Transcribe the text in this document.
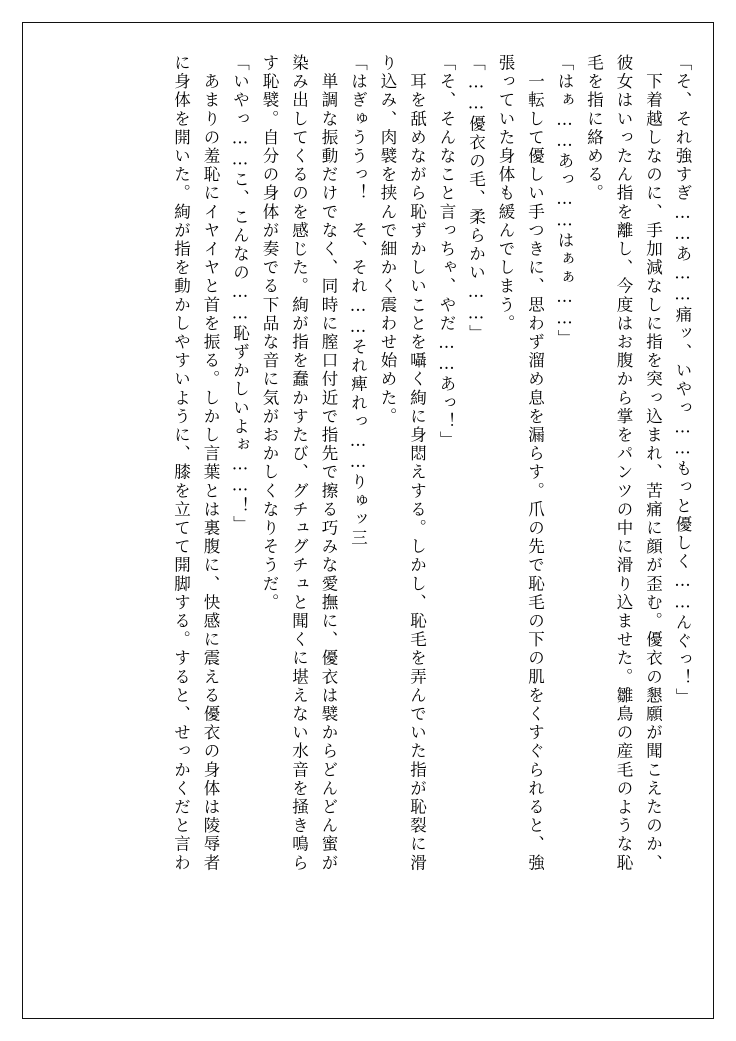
「そ、それ強すぎ……あ……痛ッ、いやっ……もっと優しく……んぐっ！」
　下着越しなのに、手加減なしに指を突っ込まれ、苦痛に顔が歪む。優衣の懇願が聞こえたのか、
彼女はいったん指を離し、今度はお腹から掌をパンツの中に滑り込ませた。雛鳥の産毛のような恥
毛を指に絡める。
「はぁ……あっ……はぁぁ……」
　一転して優しい手つきに、思わず溜め息を漏らす。爪の先で恥毛の下の肌をくすぐられると、強
張っていた身体も緩んでしまう。
「……優衣の毛、柔らかい……」
「そ、そんなこと言っちゃ、やだ……あっ！」
　耳を舐めながら恥ずかしいことを囁く絢に身悶えする。しかし、恥毛を弄んでいた指が恥裂に滑
り込み、肉襞を挟んで細かく震わせ始めた。
「はぎゅううっ！　そ、それ……それ痺れっ……りゅッ三
　単調な振動だけでなく、同時に膣口付近で指先で擦る巧みな愛撫に、優衣は襞からどんどん蜜が
染み出してくるのを感じた。絢が指を蠢かすたび、グチュグチュと聞くに堪えない水音を掻き鳴ら
す恥襞。自分の身体が奏でる下品な音に気がおかしくなりそうだ。
「いやっ……こ、こんなの……恥ずかしいよぉ……！」
　あまりの羞恥にイヤイヤと首を振る。しかし言葉とは裏腹に、快感に震える優衣の身体は陵辱者
に身体を開いた。絢が指を動かしやすいように、膝を立てて開脚する。すると、せっかくだと言わ
